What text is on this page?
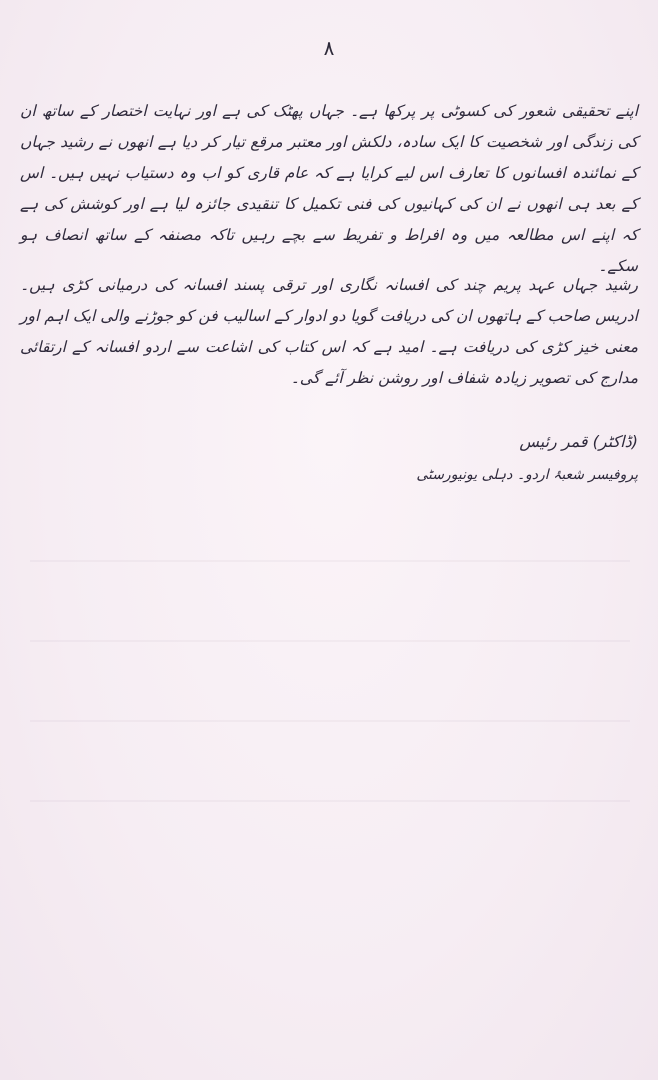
۸
اپنے تحقیقی شعور کی کسوٹی پر پرکھا ہے۔ جہاں پھٹک کی ہے اور نہایت اختصار کے ساتھ ان کی زندگی اور شخصیت کا ایک سادہ، دلکش اور معتبر مرقع تیار کر دیا ہے انھوں نے رشید جہاں کے نمائندہ افسانوں کا تعارف اس لیے کرایا ہے کہ عام قاری کو اب وہ دستیاب نہیں ہیں۔ اس کے بعد ہی انھوں نے ان کی کہانیوں کی فنی تکمیل کا تنقیدی جائزہ لیا ہے اور کوشش کی ہے کہ اپنے اس مطالعہ میں وہ افراط و تفریط سے بچے رہیں تاکہ مصنفہ کے ساتھ انصاف ہو سکے۔
رشید جہاں عہد پریم چند کی افسانہ نگاری اور ترقی پسند افسانہ کی درمیانی کڑی ہیں۔ ادریس صاحب کے ہاتھوں ان کی دریافت گویا دو ادوار کے اسالیب فن کو جوڑنے والی ایک اہم اور معنی خیز کڑی کی دریافت ہے۔ امید ہے کہ اس کتاب کی اشاعت سے اردو افسانہ کے ارتقائی مدارج کی تصویر زیادہ شفاف اور روشن نظر آئے گی۔
(ڈاکٹر) قمر رئیس
پروفیسر شعبۂ اردو۔ دہلی یونیورسٹی
